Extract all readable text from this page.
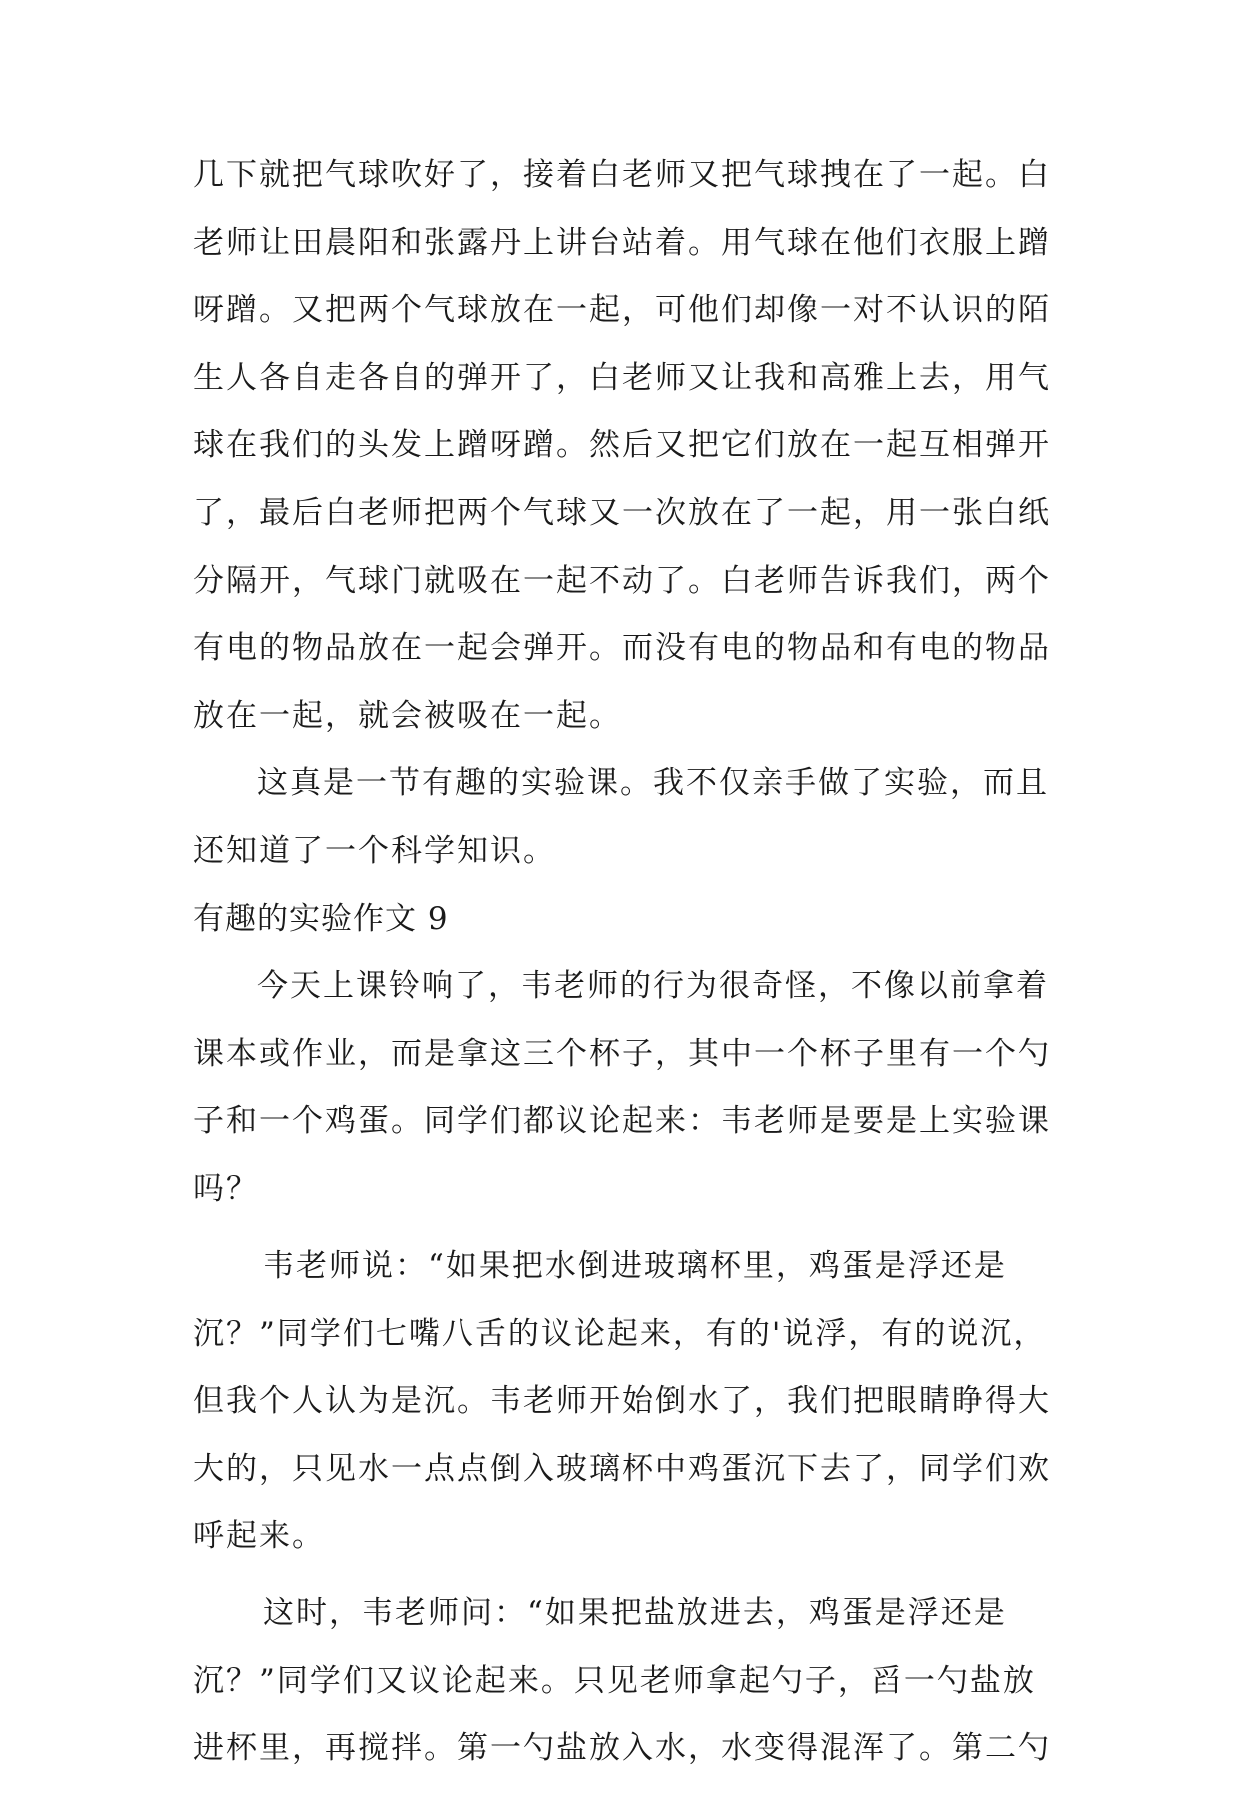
几下就把气球吹好了，接着白老师又把气球拽在了一起。白
老师让田晨阳和张露丹上讲台站着。用气球在他们衣服上蹭
呀蹭。又把两个气球放在一起，可他们却像一对不认识的陌
生人各自走各自的弹开了，白老师又让我和高雅上去，用气
球在我们的头发上蹭呀蹭。然后又把它们放在一起互相弹开
了，最后白老师把两个气球又一次放在了一起，用一张白纸
分隔开，气球门就吸在一起不动了。白老师告诉我们，两个
有电的物品放在一起会弹开。而没有电的物品和有电的物品
放在一起，就会被吸在一起。
这真是一节有趣的实验课。我不仅亲手做了实验，而且
还知道了一个科学知识。
有趣的实验作文 9
今天上课铃响了，韦老师的行为很奇怪，不像以前拿着
课本或作业，而是拿这三个杯子，其中一个杯子里有一个勺
子和一个鸡蛋。同学们都议论起来：韦老师是要是上实验课
吗？
韦老师说：“如果把水倒进玻璃杯里，鸡蛋是浮还是
沉？”同学们七嘴八舌的议论起来，有的'说浮，有的说沉，
但我个人认为是沉。韦老师开始倒水了，我们把眼睛睁得大
大的，只见水一点点倒入玻璃杯中鸡蛋沉下去了，同学们欢
呼起来。
这时，韦老师问：“如果把盐放进去，鸡蛋是浮还是
沉？”同学们又议论起来。只见老师拿起勺子，舀一勺盐放
进杯里，再搅拌。第一勺盐放入水，水变得混浑了。第二勺
